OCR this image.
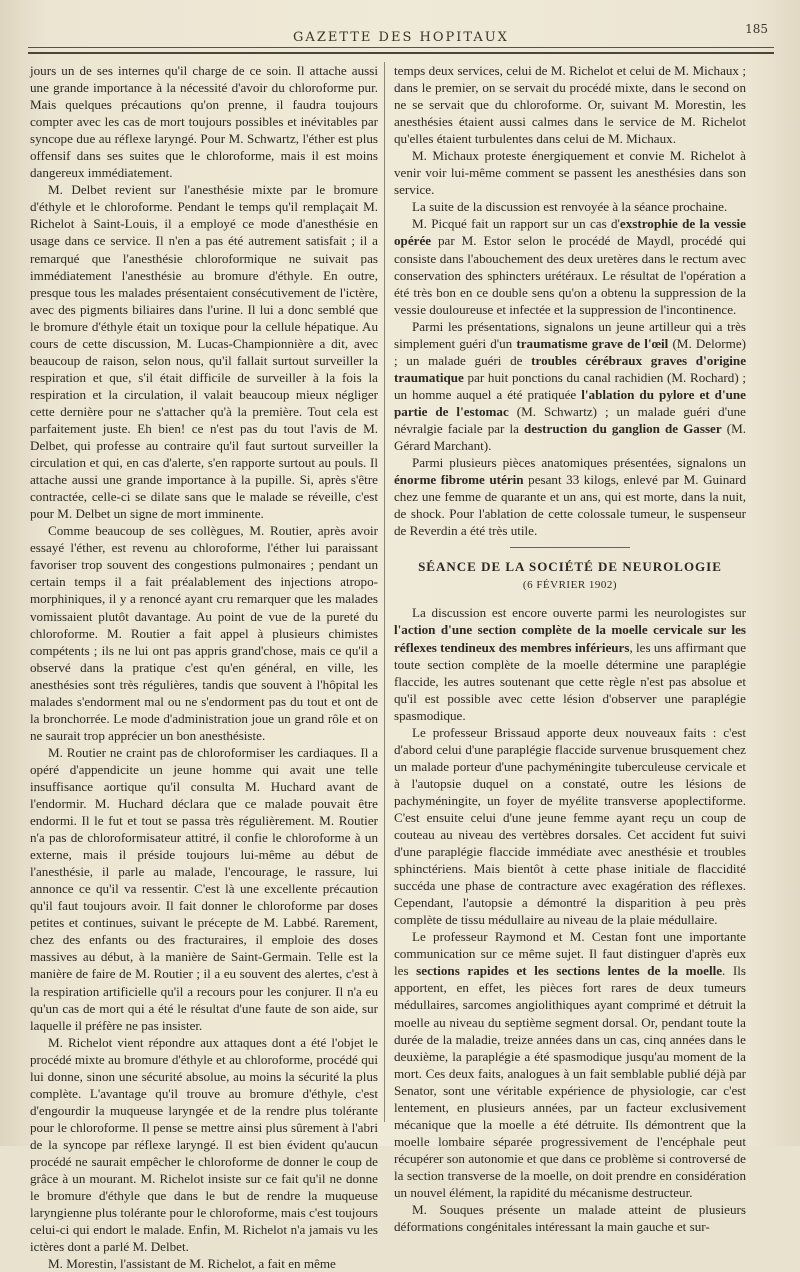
GAZETTE DES HOPITAUX
185

jours un de ses internes qu'il charge de ce soin. Il attache aussi une grande importance à la nécessité d'avoir du chloroforme pur. Mais quelques précautions qu'on prenne, il faudra toujours compter avec les cas de mort toujours possibles et inévitables par syncope due au réflexe laryngé. Pour M. Schwartz, l'éther est plus offensif dans ses suites que le chloroforme, mais il est moins dangereux immédiatement.

M. Delbet revient sur l'anesthésie mixte par le bromure d'éthyle et le chloroforme. Pendant le temps qu'il remplaçait M. Richelot à Saint-Louis, il a employé ce mode d'anesthésie en usage dans ce service. Il n'en a pas été autrement satisfait ; il a remarqué que l'anesthésie chloroformique ne suivait pas immédiatement l'anesthésie au bromure d'éthyle. En outre, presque tous les malades présentaient consécutivement de l'ictère, avec des pigments biliaires dans l'urine. Il lui a donc semblé que le bromure d'éthyle était un toxique pour la cellule hépatique. Au cours de cette discussion, M. Lucas-Championnière a dit, avec beaucoup de raison, selon nous, qu'il fallait surtout surveiller la respiration et que, s'il était difficile de surveiller à la fois la respiration et la circulation, il valait beaucoup mieux négliger cette dernière pour ne s'attacher qu'à la première. Tout cela est parfaitement juste. Eh bien! ce n'est pas du tout l'avis de M. Delbet, qui professe au contraire qu'il faut surtout surveiller la circulation et qui, en cas d'alerte, s'en rapporte surtout au pouls. Il attache aussi une grande importance à la pupille. Si, après s'être contractée, celle-ci se dilate sans que le malade se réveille, c'est pour M. Delbet un signe de mort imminente.

Comme beaucoup de ses collègues, M. Routier, après avoir essayé l'éther, est revenu au chloroforme, l'éther lui paraissant favoriser trop souvent des congestions pulmonaires ; pendant un certain temps il a fait préalablement des injections atropo-morphiniques, il y a renoncé ayant cru remarquer que les malades vomissaient plutôt davantage. Au point de vue de la pureté du chloroforme. M. Routier a fait appel à plusieurs chimistes compétents ; ils ne lui ont pas appris grand'chose, mais ce qu'il a observé dans la pratique c'est qu'en général, en ville, les anesthésies sont très régulières, tandis que souvent à l'hôpital les malades s'endorment mal ou ne s'endorment pas du tout et ont de la bronchorrée. Le mode d'administration joue un grand rôle et on ne saurait trop apprécier un bon anesthésiste.

M. Routier ne craint pas de chloroformiser les cardiaques. Il a opéré d'appendicite un jeune homme qui avait une telle insuffisance aortique qu'il consulta M. Huchard avant de l'endormir. M. Huchard déclara que ce malade pouvait être endormi. Il le fut et tout se passa très régulièrement. M. Routier n'a pas de chloroformisateur attitré, il confie le chloroforme à un externe, mais il préside toujours lui-même au début de l'anesthésie, il parle au malade, l'encourage, le rassure, lui annonce ce qu'il va ressentir. C'est là une excellente précaution qu'il faut toujours avoir. Il fait donner le chloroforme par doses petites et continues, suivant le précepte de M. Labbé. Rarement, chez des enfants ou des fracturaires, il emploie des doses massives au début, à la manière de Saint-Germain. Telle est la manière de faire de M. Routier ; il a eu souvent des alertes, c'est à la respiration artificielle qu'il a recours pour les conjurer. Il n'a eu qu'un cas de mort qui a été le résultat d'une faute de son aide, sur laquelle il préfère ne pas insister.

M. Richelot vient répondre aux attaques dont a été l'objet le procédé mixte au bromure d'éthyle et au chloroforme, procédé qui lui donne, sinon une sécurité absolue, au moins la sécurité la plus complète. L'avantage qu'il trouve au bromure d'éthyle, c'est d'engourdir la muqueuse laryngée et de la rendre plus tolérante pour le chloroforme. Il pense se mettre ainsi plus sûrement à l'abri de la syncope par réflexe laryngé. Il est bien évident qu'aucun procédé ne saurait empêcher le chloroforme de donner le coup de grâce à un mourant. M. Richelot insiste sur ce fait qu'il ne donne le bromure d'éthyle que dans le but de rendre la muqueuse laryngienne plus tolérante pour le chloroforme, mais c'est toujours celui-ci qui endort le malade. Enfin, M. Richelot n'a jamais vu les ictères dont a parlé M. Delbet.

M. Morestin, l'assistant de M. Richelot, a fait en même

temps deux services, celui de M. Richelot et celui de M. Michaux ; dans le premier, on se servait du procédé mixte, dans le second on ne se servait que du chloroforme. Or, suivant M. Morestin, les anesthésies étaient aussi calmes dans le service de M. Richelot qu'elles étaient turbulentes dans celui de M. Michaux.

M. Michaux proteste énergiquement et convie M. Richelot à venir voir lui-même comment se passent les anesthésies dans son service.

La suite de la discussion est renvoyée à la séance prochaine.

M. Picqué fait un rapport sur un cas d'exstrophie de la vessie opérée par M. Estor selon le procédé de Maydl, procédé qui consiste dans l'abouchement des deux uretères dans le rectum avec conservation des sphincters urétéraux. Le résultat de l'opération a été très bon en ce double sens qu'on a obtenu la suppression de la vessie douloureuse et infectée et la suppression de l'incontinence.

Parmi les présentations, signalons un jeune artilleur qui a très simplement guéri d'un traumatisme grave de l'œil (M. Delorme) ; un malade guéri de troubles cérébraux graves d'origine traumatique par huit ponctions du canal rachidien (M. Rochard) ; un homme auquel a été pratiquée l'ablation du pylore et d'une partie de l'estomac (M. Schwartz) ; un malade guéri d'une névralgie faciale par la destruction du ganglion de Gasser (M. Gérard Marchant).

Parmi plusieurs pièces anatomiques présentées, signalons un énorme fibrome utérin pesant 33 kilogs, enlevé par M. Guinard chez une femme de quarante et un ans, qui est morte, dans la nuit, de shock. Pour l'ablation de cette colossale tumeur, le suspenseur de Reverdin a été très utile.

SÉANCE DE LA SOCIÉTÉ DE NEUROLOGIE

(6 FÉVRIER 1902)

La discussion est encore ouverte parmi les neurologistes sur l'action d'une section complète de la moelle cervicale sur les réflexes tendineux des membres inférieurs, les uns affirmant que toute section complète de la moelle détermine une paraplégie flaccide, les autres soutenant que cette règle n'est pas absolue et qu'il est possible avec cette lésion d'observer une paraplégie spasmodique.

Le professeur Brissaud apporte deux nouveaux faits : c'est d'abord celui d'une paraplégie flaccide survenue brusquement chez un malade porteur d'une pachyméningite tuberculeuse cervicale et à l'autopsie duquel on a constaté, outre les lésions de pachyméningite, un foyer de myélite transverse apoplectiforme. C'est ensuite celui d'une jeune femme ayant reçu un coup de couteau au niveau des vertèbres dorsales. Cet accident fut suivi d'une paraplégie flaccide immédiate avec anesthésie et troubles sphinctériens. Mais bientôt à cette phase initiale de flaccidité succéda une phase de contracture avec exagération des réflexes. Cependant, l'autopsie a démontré la disparition à peu près complète de tissu médullaire au niveau de la plaie médullaire.

Le professeur Raymond et M. Cestan font une importante communication sur ce même sujet. Il faut distinguer d'après eux les sections rapides et les sections lentes de la moelle. Ils apportent, en effet, les pièces fort rares de deux tumeurs médullaires, sarcomes angiolithiques ayant comprimé et détruit la moelle au niveau du septième segment dorsal. Or, pendant toute la durée de la maladie, treize années dans un cas, cinq années dans le deuxième, la paraplégie a été spasmodique jusqu'au moment de la mort. Ces deux faits, analogues à un fait semblable publié déjà par Senator, sont une véritable expérience de physiologie, car c'est lentement, en plusieurs années, par un facteur exclusivement mécanique que la moelle a été détruite. Ils démontrent que la moelle lombaire séparée progressivement de l'encéphale peut récupérer son autonomie et que dans ce problème si controversé de la section transverse de la moelle, on doit prendre en considération un nouvel élément, la rapidité du mécanisme destructeur.

M. Souques présente un malade atteint de plusieurs déformations congénitales intéressant la main gauche et sur-
